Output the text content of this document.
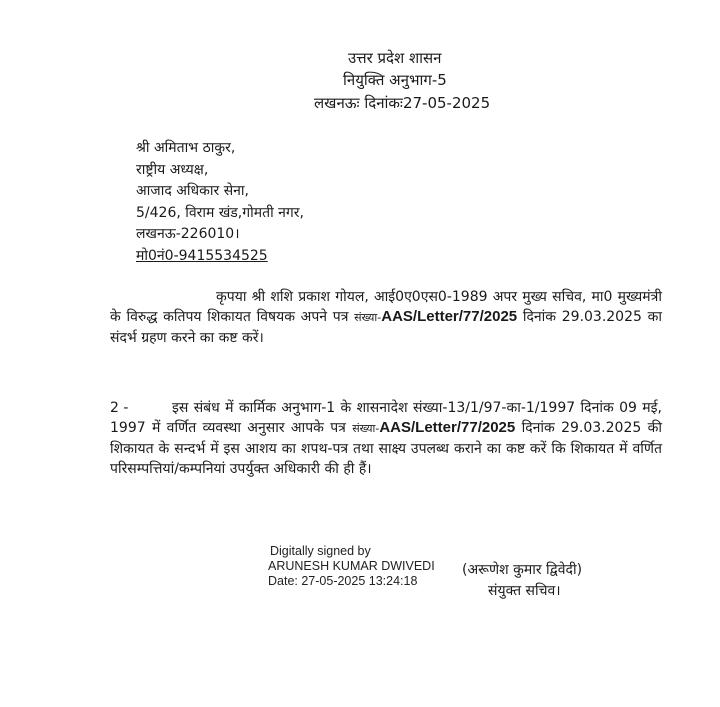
उत्तर प्रदेश शासन
नियुक्ति अनुभाग-5
लखनऊः दिनांकः27-05-2025
श्री अमिताभ ठाकुर,
राष्ट्रीय अध्यक्ष,
आजाद अधिकार सेना,
5/426, विराम खंड,गोमती नगर,
लखनऊ-226010।
मो0नं0-9415534525
कृपया श्री शशि प्रकाश गोयल, आई0ए0एस0-1989 अपर मुख्य सचिव, मा0 मुख्यमंत्री के विरुद्ध कतिपय शिकायत विषयक अपने पत्र संख्या-AAS/Letter/77/2025 दिनांक 29.03.2025 का संदर्भ ग्रहण करने का कष्ट करें।
2 -	इस संबंध में कार्मिक अनुभाग-1 के शासनादेश संख्या-13/1/97-का-1/1997 दिनांक 09 मई, 1997 में वर्णित व्यवस्था अनुसार आपके पत्र संख्या-AAS/Letter/77/2025 दिनांक 29.03.2025 की शिकायत के सन्दर्भ में इस आशय का शपथ-पत्र तथा साक्ष्य उपलब्ध कराने का कष्ट करें कि शिकायत में वर्णित परिसम्पत्तियां/कम्पनियां उपर्युक्त अधिकारी की ही हैं।
Digitally signed by
ARUNESH KUMAR DWIVEDI
Date: 27-05-2025 13:24:18
(अरूणेश कुमार द्विवेदी)
संयुक्त सचिव।
